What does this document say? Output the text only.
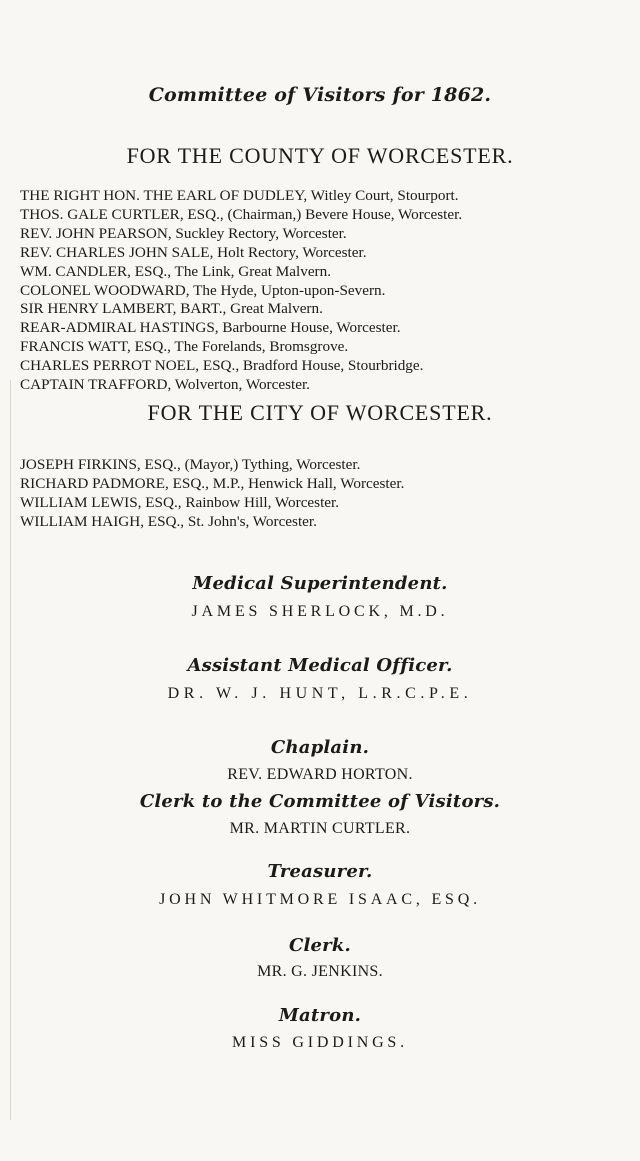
Committee of Visitors for 1862.
FOR THE COUNTY OF WORCESTER.
THE RIGHT HON. THE EARL OF DUDLEY, Witley Court, Stourport.
THOS. GALE CURTLER, ESQ., (Chairman,) Bevere House, Worcester.
REV. JOHN PEARSON, Suckley Rectory, Worcester.
REV. CHARLES JOHN SALE, Holt Rectory, Worcester.
WM. CANDLER, ESQ., The Link, Great Malvern.
COLONEL WOODWARD, The Hyde, Upton-upon-Severn.
SIR HENRY LAMBERT, BART., Great Malvern.
REAR-ADMIRAL HASTINGS, Barbourne House, Worcester.
FRANCIS WATT, ESQ., The Forelands, Bromsgrove.
CHARLES PERROT NOEL, ESQ., Bradford House, Stourbridge.
CAPTAIN TRAFFORD, Wolverton, Worcester.
FOR THE CITY OF WORCESTER.
JOSEPH FIRKINS, ESQ., (Mayor,) Tything, Worcester.
RICHARD PADMORE, ESQ., M.P., Henwick Hall, Worcester.
WILLIAM LEWIS, ESQ., Rainbow Hill, Worcester.
WILLIAM HAIGH, ESQ., St. John's, Worcester.
Medical Superintendent.
JAMES SHERLOCK, M.D.
Assistant Medical Officer.
DR. W. J. HUNT, L.R.C.P.E.
Chaplain.
REV. EDWARD HORTON.
Clerk to the Committee of Visitors.
MR. MARTIN CURTLER.
Treasurer.
JOHN WHITMORE ISAAC, ESQ.
Clerk.
MR. G. JENKINS.
Matron.
MISS GIDDINGS.
